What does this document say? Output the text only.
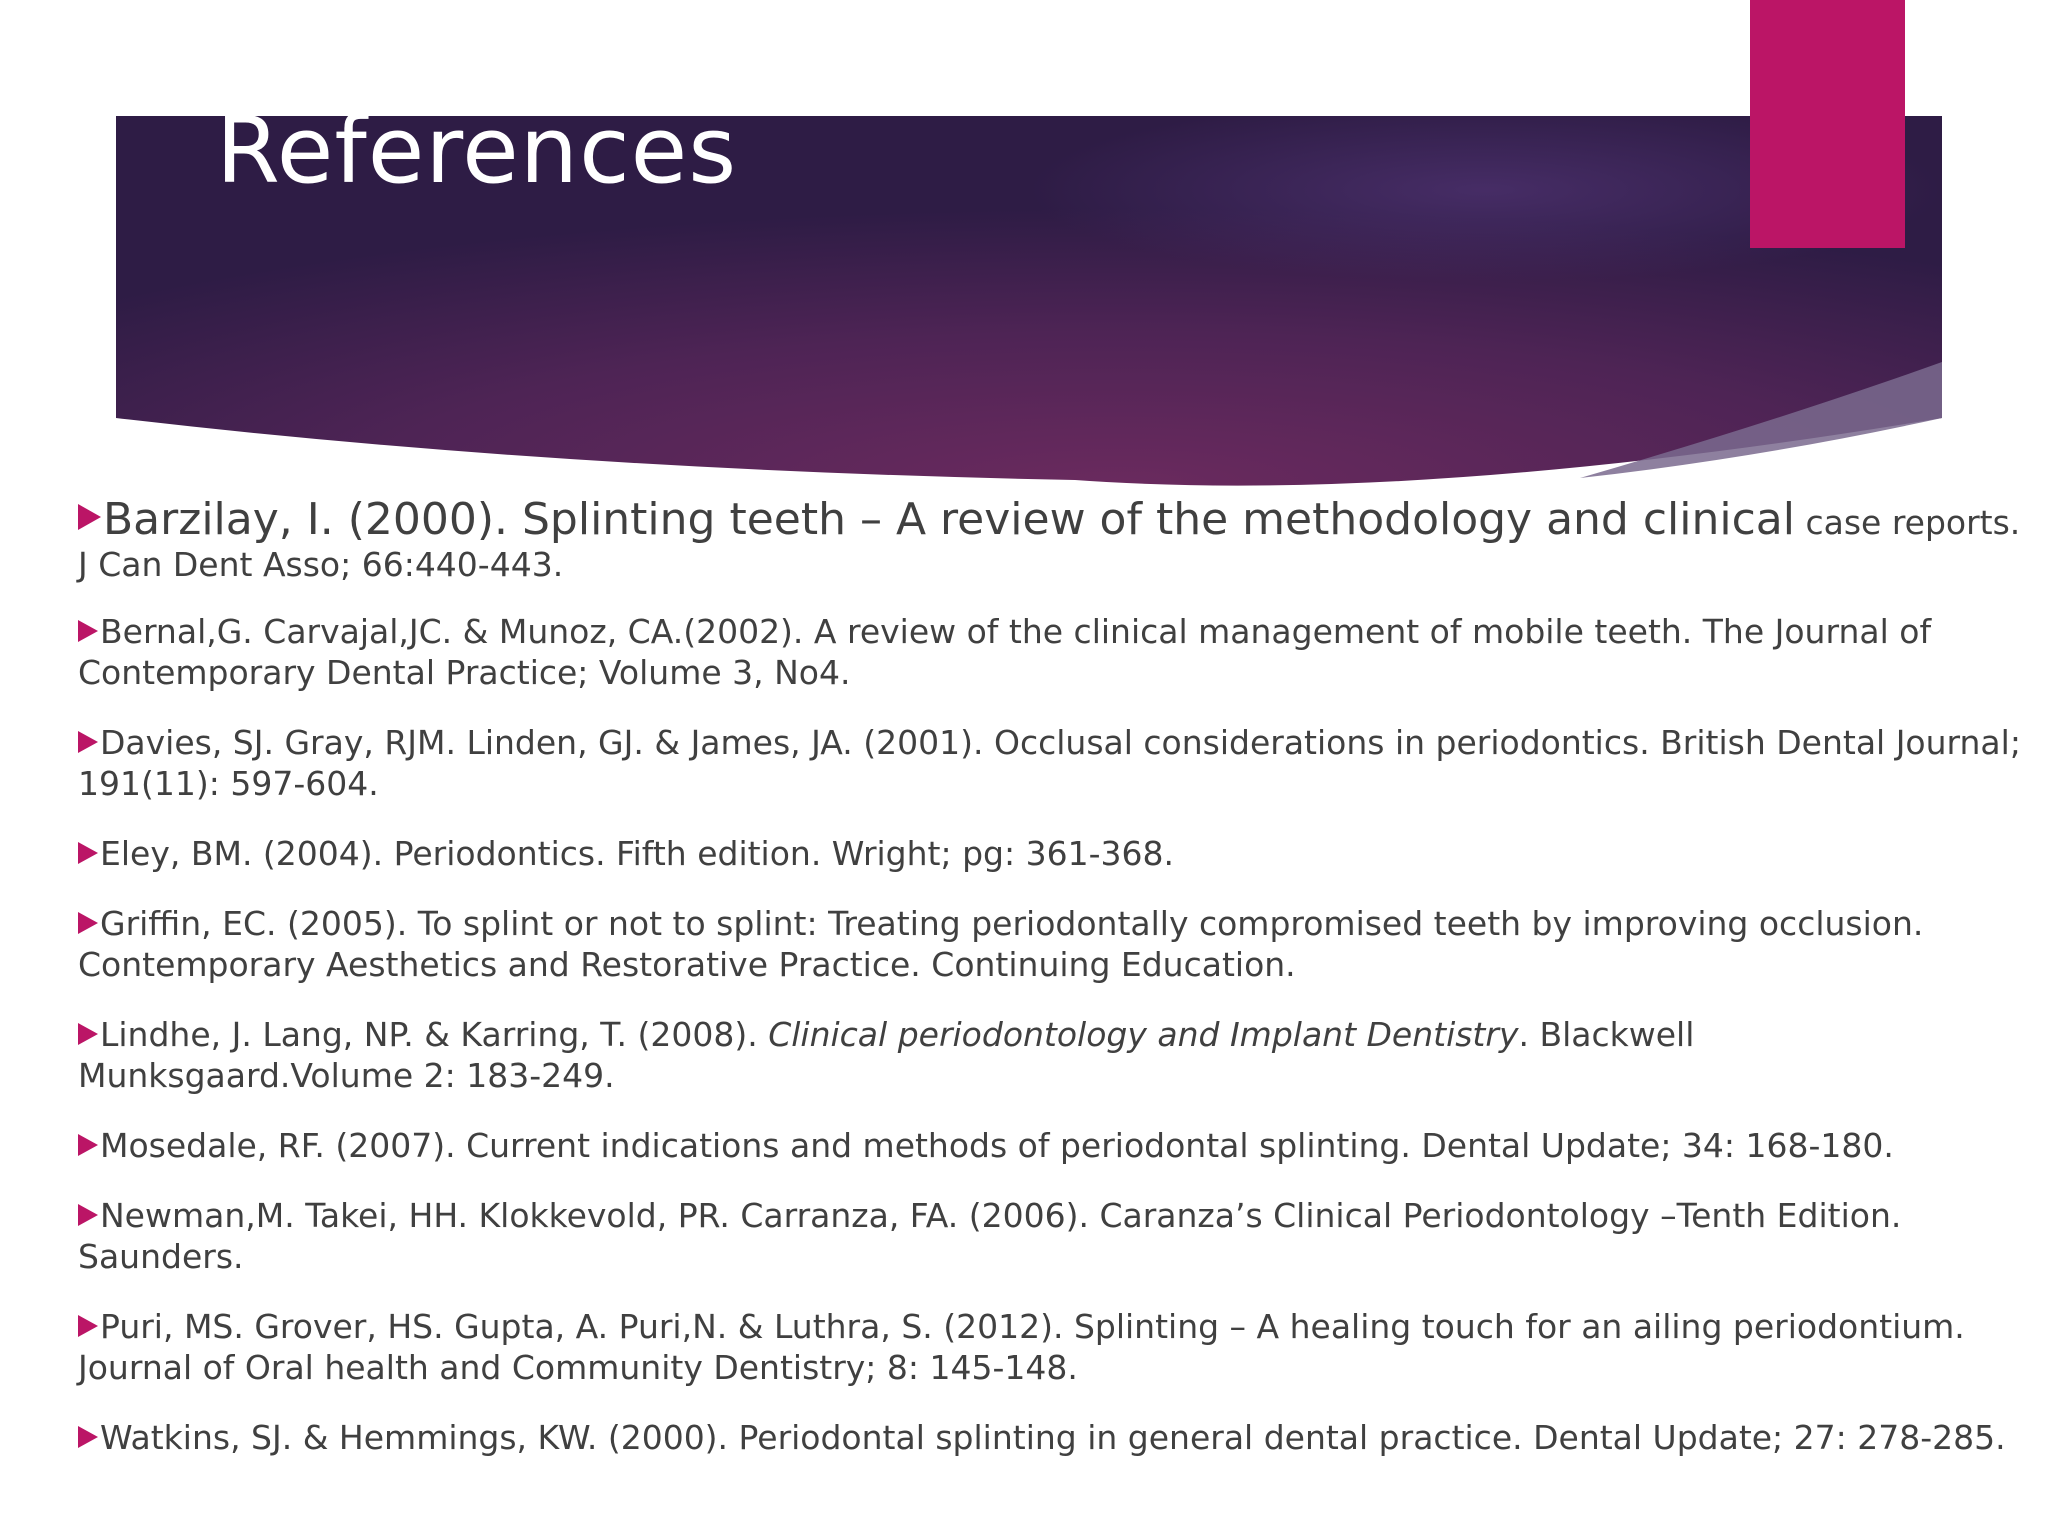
References
Barzilay, I. (2000). Splinting teeth – A review of the methodology and clinical case reports. J Can Dent Asso; 66:440-443.
Bernal,G. Carvajal,JC. & Munoz, CA.(2002). A review of the clinical management of mobile teeth. The Journal of Contemporary Dental Practice; Volume 3, No4.
Davies, SJ. Gray, RJM. Linden, GJ. & James, JA. (2001). Occlusal considerations in periodontics. British Dental Journal; 191(11): 597-604.
Eley, BM. (2004). Periodontics. Fifth edition. Wright; pg: 361-368.
Griffin, EC. (2005). To splint or not to splint: Treating periodontally compromised teeth by improving occlusion. Contemporary Aesthetics and Restorative Practice. Continuing Education.
Lindhe, J. Lang, NP. & Karring, T. (2008). Clinical periodontology and Implant Dentistry. Blackwell Munksgaard.Volume 2: 183-249.
Mosedale, RF. (2007). Current indications and methods of periodontal splinting. Dental Update; 34: 168-180.
Newman,M. Takei, HH. Klokkevold, PR. Carranza, FA. (2006). Caranza’s Clinical Periodontology –Tenth Edition. Saunders.
Puri, MS. Grover, HS. Gupta, A. Puri,N. & Luthra, S. (2012). Splinting – A healing touch for an ailing periodontium. Journal of Oral health and Community Dentistry; 8: 145-148.
Watkins, SJ. & Hemmings, KW. (2000). Periodontal splinting in general dental practice. Dental Update; 27: 278-285.
